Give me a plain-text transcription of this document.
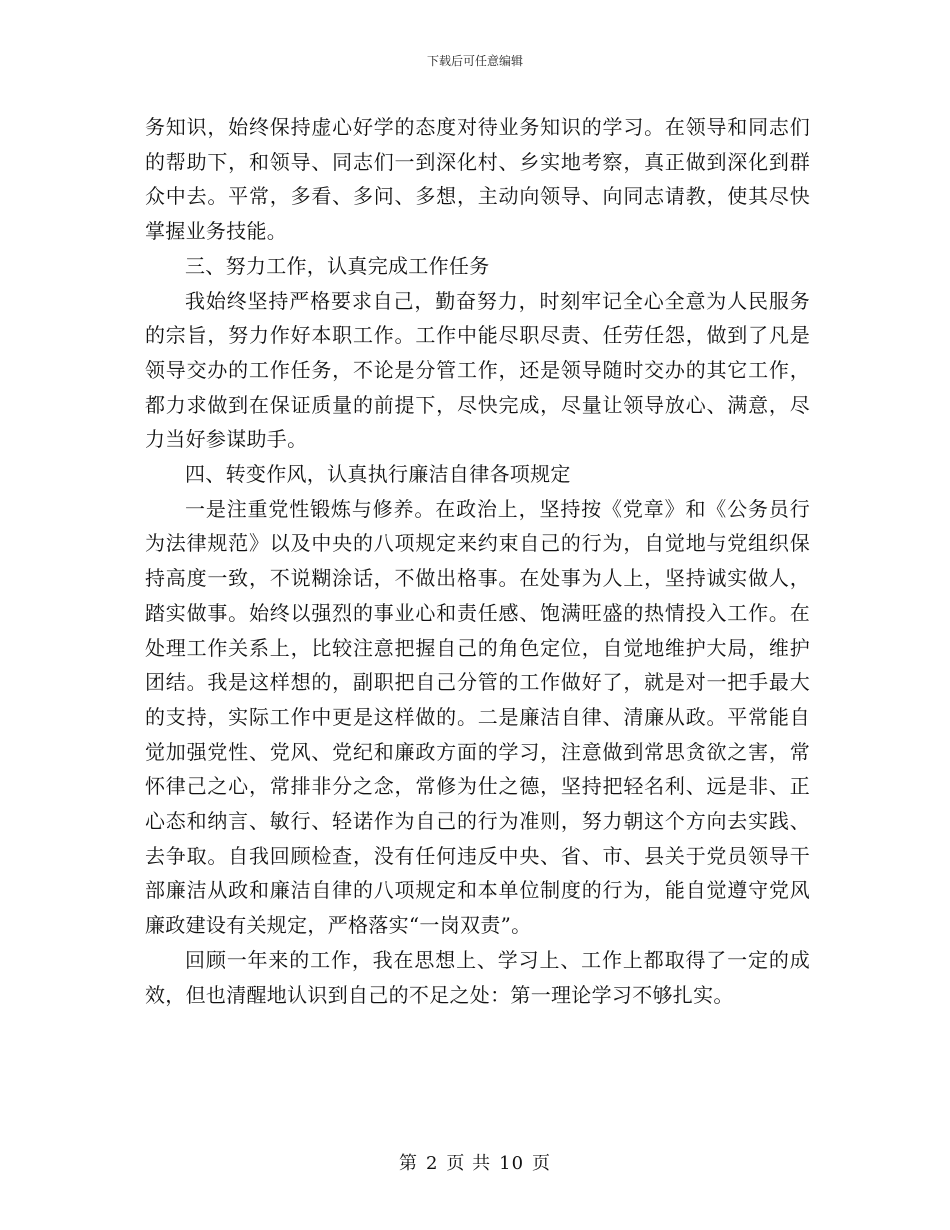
下载后可任意编辑

务知识，始终保持虚心好学的态度对待业务知识的学习。在领导和同志们的帮助下，和领导、同志们一到深化村、乡实地考察，真正做到深化到群众中去。平常，多看、多问、多想，主动向领导、向同志请教，使其尽快掌握业务技能。

三、努力工作，认真完成工作任务

我始终坚持严格要求自己，勤奋努力，时刻牢记全心全意为人民服务的宗旨，努力作好本职工作。工作中能尽职尽责、任劳任怨，做到了凡是领导交办的工作任务，不论是分管工作，还是领导随时交办的其它工作，都力求做到在保证质量的前提下，尽快完成，尽量让领导放心、满意，尽力当好参谋助手。

四、转变作风，认真执行廉洁自律各项规定

一是注重党性锻炼与修养。在政治上，坚持按《党章》和《公务员行为法律规范》以及中央的八项规定来约束自己的行为，自觉地与党组织保持高度一致，不说糊涂话，不做出格事。在处事为人上，坚持诚实做人，踏实做事。始终以强烈的事业心和责任感、饱满旺盛的热情投入工作。在处理工作关系上，比较注意把握自己的角色定位，自觉地维护大局，维护团结。我是这样想的，副职把自己分管的工作做好了，就是对一把手最大的支持，实际工作中更是这样做的。二是廉洁自律、清廉从政。平常能自觉加强党性、党风、党纪和廉政方面的学习，注意做到常思贪欲之害，常怀律己之心，常排非分之念，常修为仕之德，坚持把轻名利、远是非、正心态和纳言、敏行、轻诺作为自己的行为准则，努力朝这个方向去实践、去争取。自我回顾检查，没有任何违反中央、省、市、县关于党员领导干部廉洁从政和廉洁自律的八项规定和本单位制度的行为，能自觉遵守党风廉政建设有关规定，严格落实“一岗双责”。

回顾一年来的工作，我在思想上、学习上、工作上都取得了一定的成效，但也清醒地认识到自己的不足之处：第一理论学习不够扎实。

第 2 页 共 10 页
